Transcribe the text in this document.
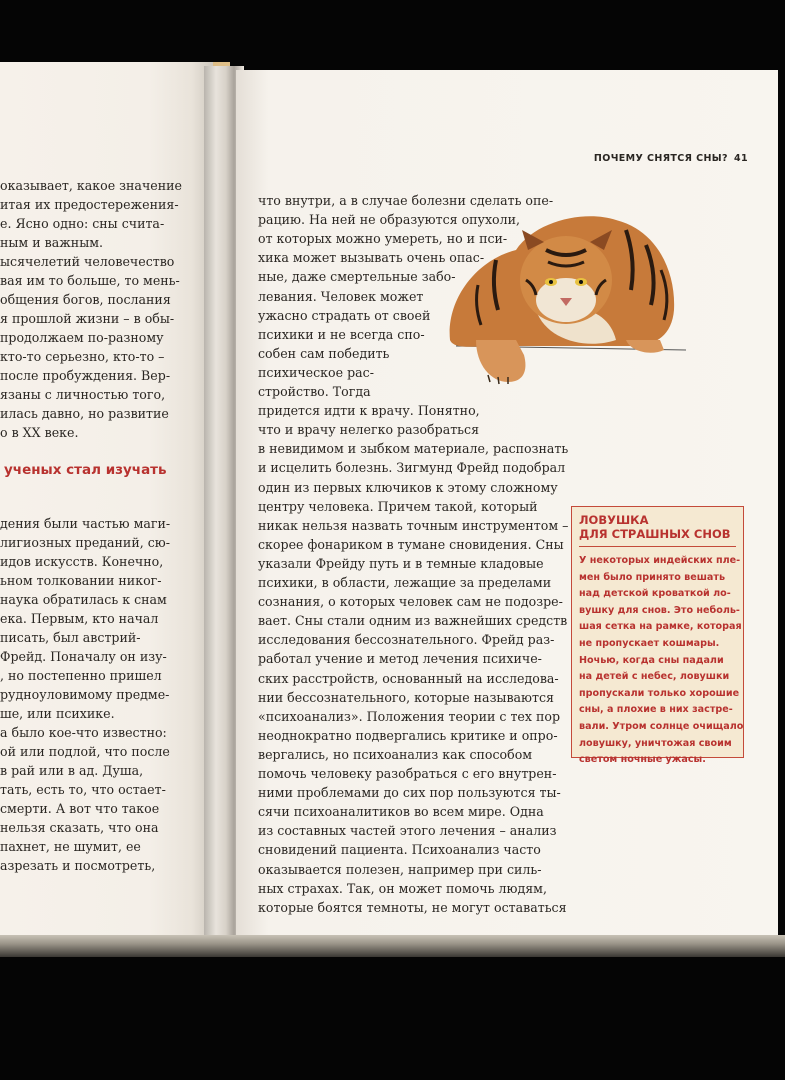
оказывает, какое значение
итая их предостережения-
е. Ясно одно: сны счита-
ным и важным.
ысячелетий человечество
вая им то больше, то мень-
общения богов, послания
я прошлой жизни – в обы-
продолжаем по-разному
кто-то серьезно, кто-то –
после пробуждения. Вер-
язаны с личностью того,
илась давно, но развитие
о в XX веке.
ученых стал изучать
дения были частью маги-
лигиозных преданий, сю-
идов искусств. Конечно,
ьном толковании никог-
наука обратилась к снам
ека. Первым, кто начал
писать, был австрий-
Фрейд. Поначалу он изу-
, но постепенно пришел
рудноуловимому предме-
ше, или психике.
а было кое-что известно:
ой или подлой, что после
в рай или в ад. Душа,
тать, есть то, что остает-
смерти. А вот что такое
нельзя сказать, что она
пахнет, не шумит, ее
азрезать и посмотреть,
ПОЧЕМУ СНЯТСЯ СНЫ? 41
что внутри, а в случае болезни сделать опе-
рацию. На ней не образуются опухоли,
от которых можно умереть, но и пси-
хика может вызывать очень опас-
ные, даже смертельные забо-
левания. Человек может
ужасно страдать от своей
психики и не всегда спо-
собен сам победить
психическое рас-
стройство. Тогда
придется идти к врачу. Понятно,
что и врачу нелегко разобраться
в невидимом и зыбком материале, распознать
и исцелить болезнь. Зигмунд Фрейд подобрал
один из первых ключиков к этому сложному
центру человека. Причем такой, который
никак нельзя назвать точным инструментом –
скорее фонариком в тумане сновидения. Сны
указали Фрейду путь и в темные кладовые
психики, в области, лежащие за пределами
сознания, о которых человек сам не подозре-
вает. Сны стали одним из важнейших средств
исследования бессознательного. Фрейд раз-
работал учение и метод лечения психиче-
ских расстройств, основанный на исследова-
нии бессознательного, которые называются
«психоанализ». Положения теории с тех пор
неоднократно подвергались критике и опро-
вергались, но психоанализ как способом
помочь человеку разобраться с его внутрен-
ними проблемами до сих пор пользуются ты-
сячи психоаналитиков во всем мире. Одна
из составных частей этого лечения – анализ
сновидений пациента. Психоанализ часто
оказывается полезен, например при силь-
ных страхах. Так, он может помочь людям,
которые боятся темноты, не могут оставаться
ЛОВУШКА
ДЛЯ СТРАШНЫХ СНОВ
У некоторых индейских пле-
мен было принято вешать
над детской кроваткой ло-
вушку для снов. Это неболь-
шая сетка на рамке, которая
не пропускает кошмары.
Ночью, когда сны падали
на детей с небес, ловушки
пропускали только хорошие
сны, а плохие в них застре-
вали. Утром солнце очищало
ловушку, уничтожая своим
светом ночные ужасы.
